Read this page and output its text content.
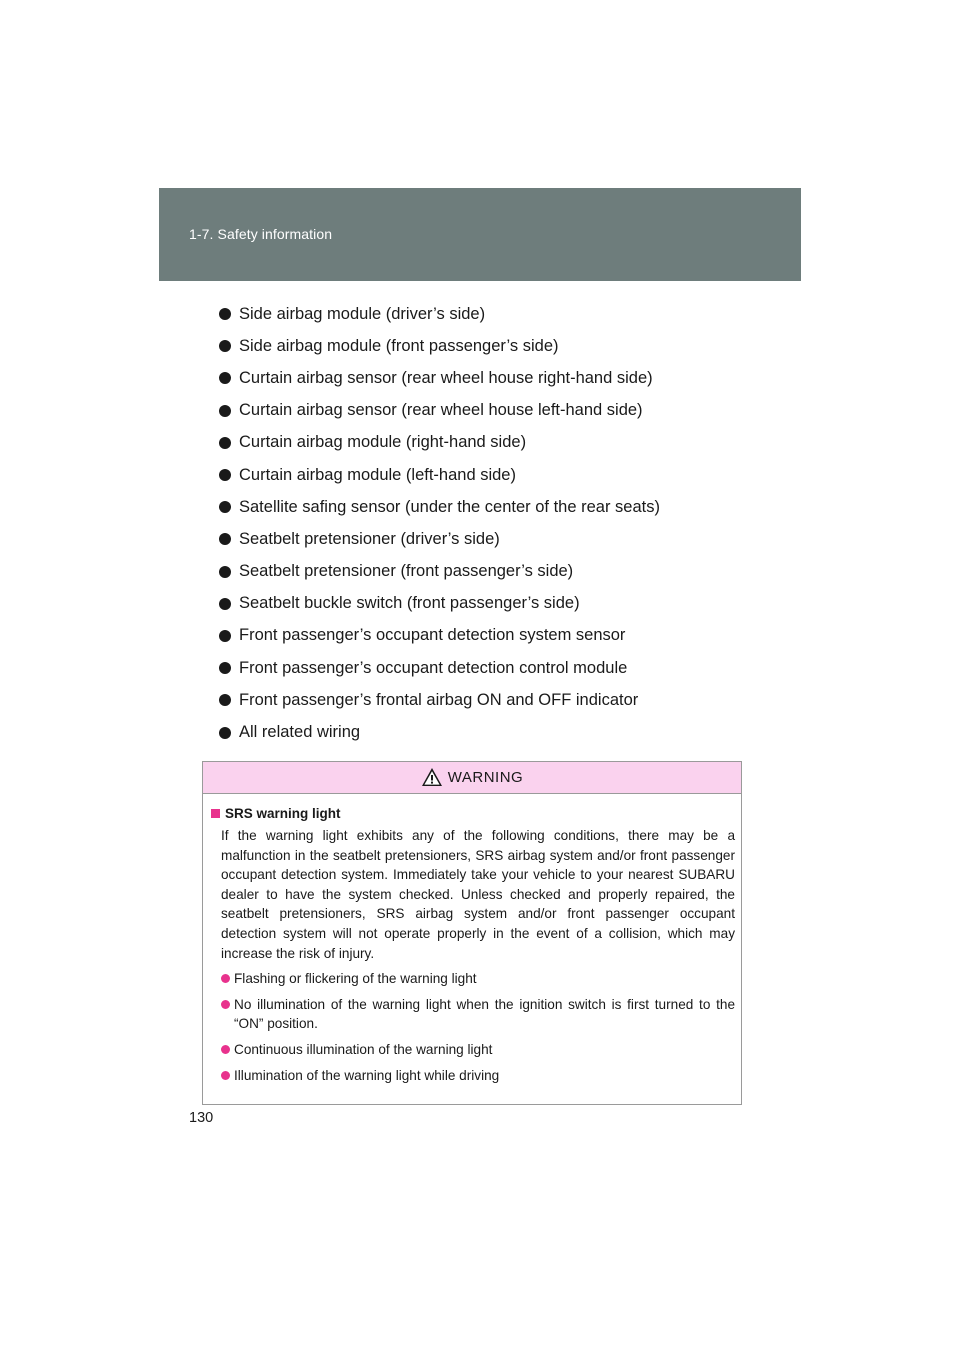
1-7. Safety information
Side airbag module (driver’s side)
Side airbag module (front passenger’s side)
Curtain airbag sensor (rear wheel house right-hand side)
Curtain airbag sensor (rear wheel house left-hand side)
Curtain airbag module (right-hand side)
Curtain airbag module (left-hand side)
Satellite safing sensor (under the center of the rear seats)
Seatbelt pretensioner (driver’s side)
Seatbelt pretensioner (front passenger’s side)
Seatbelt buckle switch (front passenger’s side)
Front passenger’s occupant detection system sensor
Front passenger’s occupant detection control module
Front passenger’s frontal airbag ON and OFF indicator
All related wiring
WARNING
SRS warning light

If the warning light exhibits any of the following conditions, there may be a malfunction in the seatbelt pretensioners, SRS airbag system and/or front passenger occupant detection system. Immediately take your vehicle to your nearest SUBARU dealer to have the system checked. Unless checked and properly repaired, the seatbelt pretensioners, SRS airbag system and/or front passenger occupant detection system will not operate properly in the event of a collision, which may increase the risk of injury.

Flashing or flickering of the warning light
No illumination of the warning light when the ignition switch is first turned to the “ON” position.
Continuous illumination of the warning light
Illumination of the warning light while driving
130
